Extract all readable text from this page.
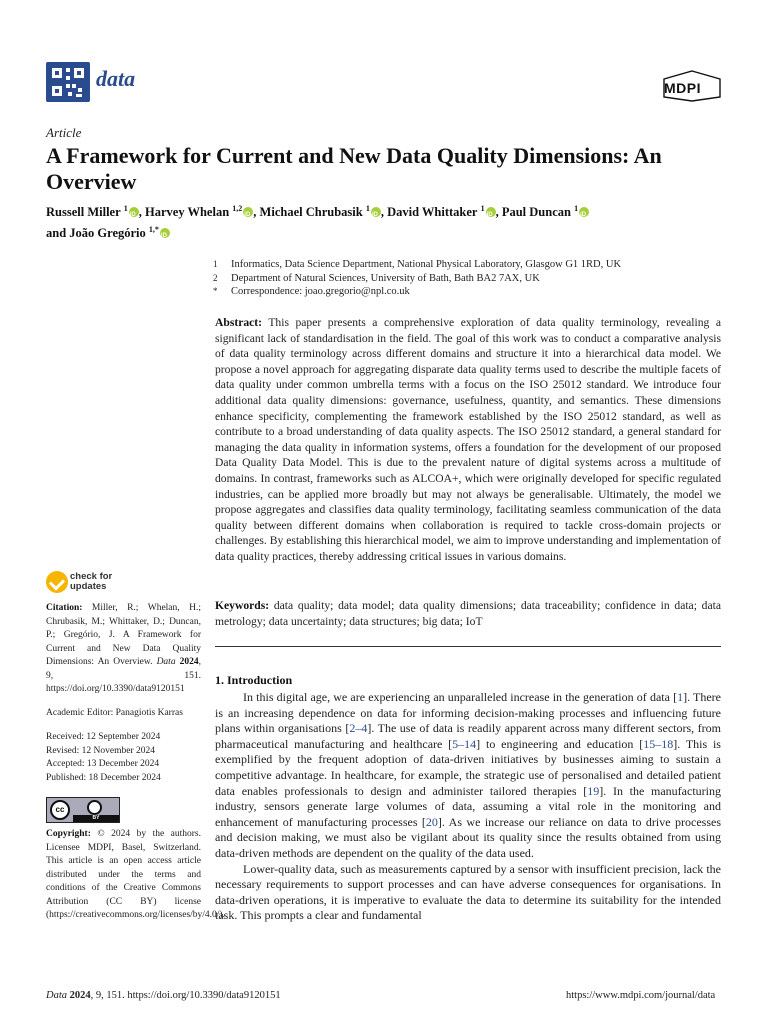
data	MDPI
Article
A Framework for Current and New Data Quality Dimensions: An Overview
Russell Miller $^1$ iD , Harvey Whelan $^{1,2}$ iD , Michael Chrubasik $^1$ iD , David Whittaker $^1$ iD , Paul Duncan $^1$iD
and João Gregório $^{1,*}$iD
1	Informatics, Data Science Department, National Physical Laboratory, Glasgow G1 1RD, UK
2	Department of Natural Sciences, University of Bath, Bath BA2 7AX, UK
*	Correspondence: joao.gregorio@npl.co.uk
Abstract: This paper presents a comprehensive exploration of data quality terminology, revealing a significant lack of standardisation in the field. The goal of this work was to conduct a comparative analysis of data quality terminology across different domains and structure it into a hierarchical data model. We propose a novel approach for aggregating disparate data quality terms used to describe the multiple facets of data quality under common umbrella terms with a focus on the ISO 25012 standard. We introduce four additional data quality dimensions: governance, usefulness, quantity, and semantics. These dimensions enhance specificity, complementing the framework established by the ISO 25012 standard, as well as contribute to a broad understanding of data quality aspects. The ISO 25012 standard, a general standard for managing the data quality in information systems, offers a foundation for the development of our proposed Data Quality Data Model. This is due to the prevalent nature of digital systems across a multitude of domains. In contrast, frameworks such as ALCOA+, which were originally developed for specific regulated industries, can be applied more broadly but may not always be generalisable. Ultimately, the model we propose aggregates and classifies data quality terminology, facilitating seamless communication of the data quality between different domains when collaboration is required to tackle cross-domain projects or challenges. By establishing this hierarchical model, we aim to improve understanding and implementation of data quality practices, thereby addressing critical issues in various domains.
Keywords: data quality; data model; data quality dimensions; data traceability; confidence in data; data metrology; data uncertainty; data structures; big data; IoT
1. Introduction

In this digital age, we are experiencing an unparalleled increase in the generation of data [1]. There is an increasing dependence on data for informing decision-making processes and influencing future plans within organisations [2–4]. The use of data is readily apparent across many different sectors, from pharmaceutical manufacturing and healthcare [5–14] to engineering and education [15–18]. This is exemplified by the frequent adoption of data-driven initiatives by businesses aiming to sustain a competitive advantage. In healthcare, for example, the strategic use of personalised and detailed patient data enables professionals to design and administer tailored therapies [19]. In the manufacturing industry, sensors generate large volumes of data, assuming a vital role in the monitoring and enhancement of manufacturing processes [20]. As we increase our reliance on data to drive processes and decision making, we must also be vigilant about its quality since the results obtained from using data-driven methods are dependent on the quality of the data used.

Lower-quality data, such as measurements captured by a sensor with insufficient precision, lack the necessary requirements to support processes and can have adverse consequences for organisations. In data-driven operations, it is imperative to evaluate the data to determine its suitability for the intended task. This prompts a clear and fundamental

check for
updates
Citation: Miller, R.; Whelan, H.; Chrubasik, M.; Whittaker, D.; Duncan, P.; Gregório, J. A Framework for Current and New Data Quality Dimensions: An Overview. Data 2024, 9, 151. https://doi.org/10.3390/data9120151
Academic Editor: Panagiotis Karras
Received: 12 September 2024
Revised: 12 November 2024
Accepted: 13 December 2024
Published: 18 December 2024
cc
BY
Copyright: © 2024 by the authors. Licensee MDPI, Basel, Switzerland. This article is an open access article distributed under the terms and conditions of the Creative Commons Attribution (CC BY) license (https://creativecommons.org/licenses/by/4.0/).
Data 2024, 9, 151. https://doi.org/10.3390/data9120151	https://www.mdpi.com/journal/data
